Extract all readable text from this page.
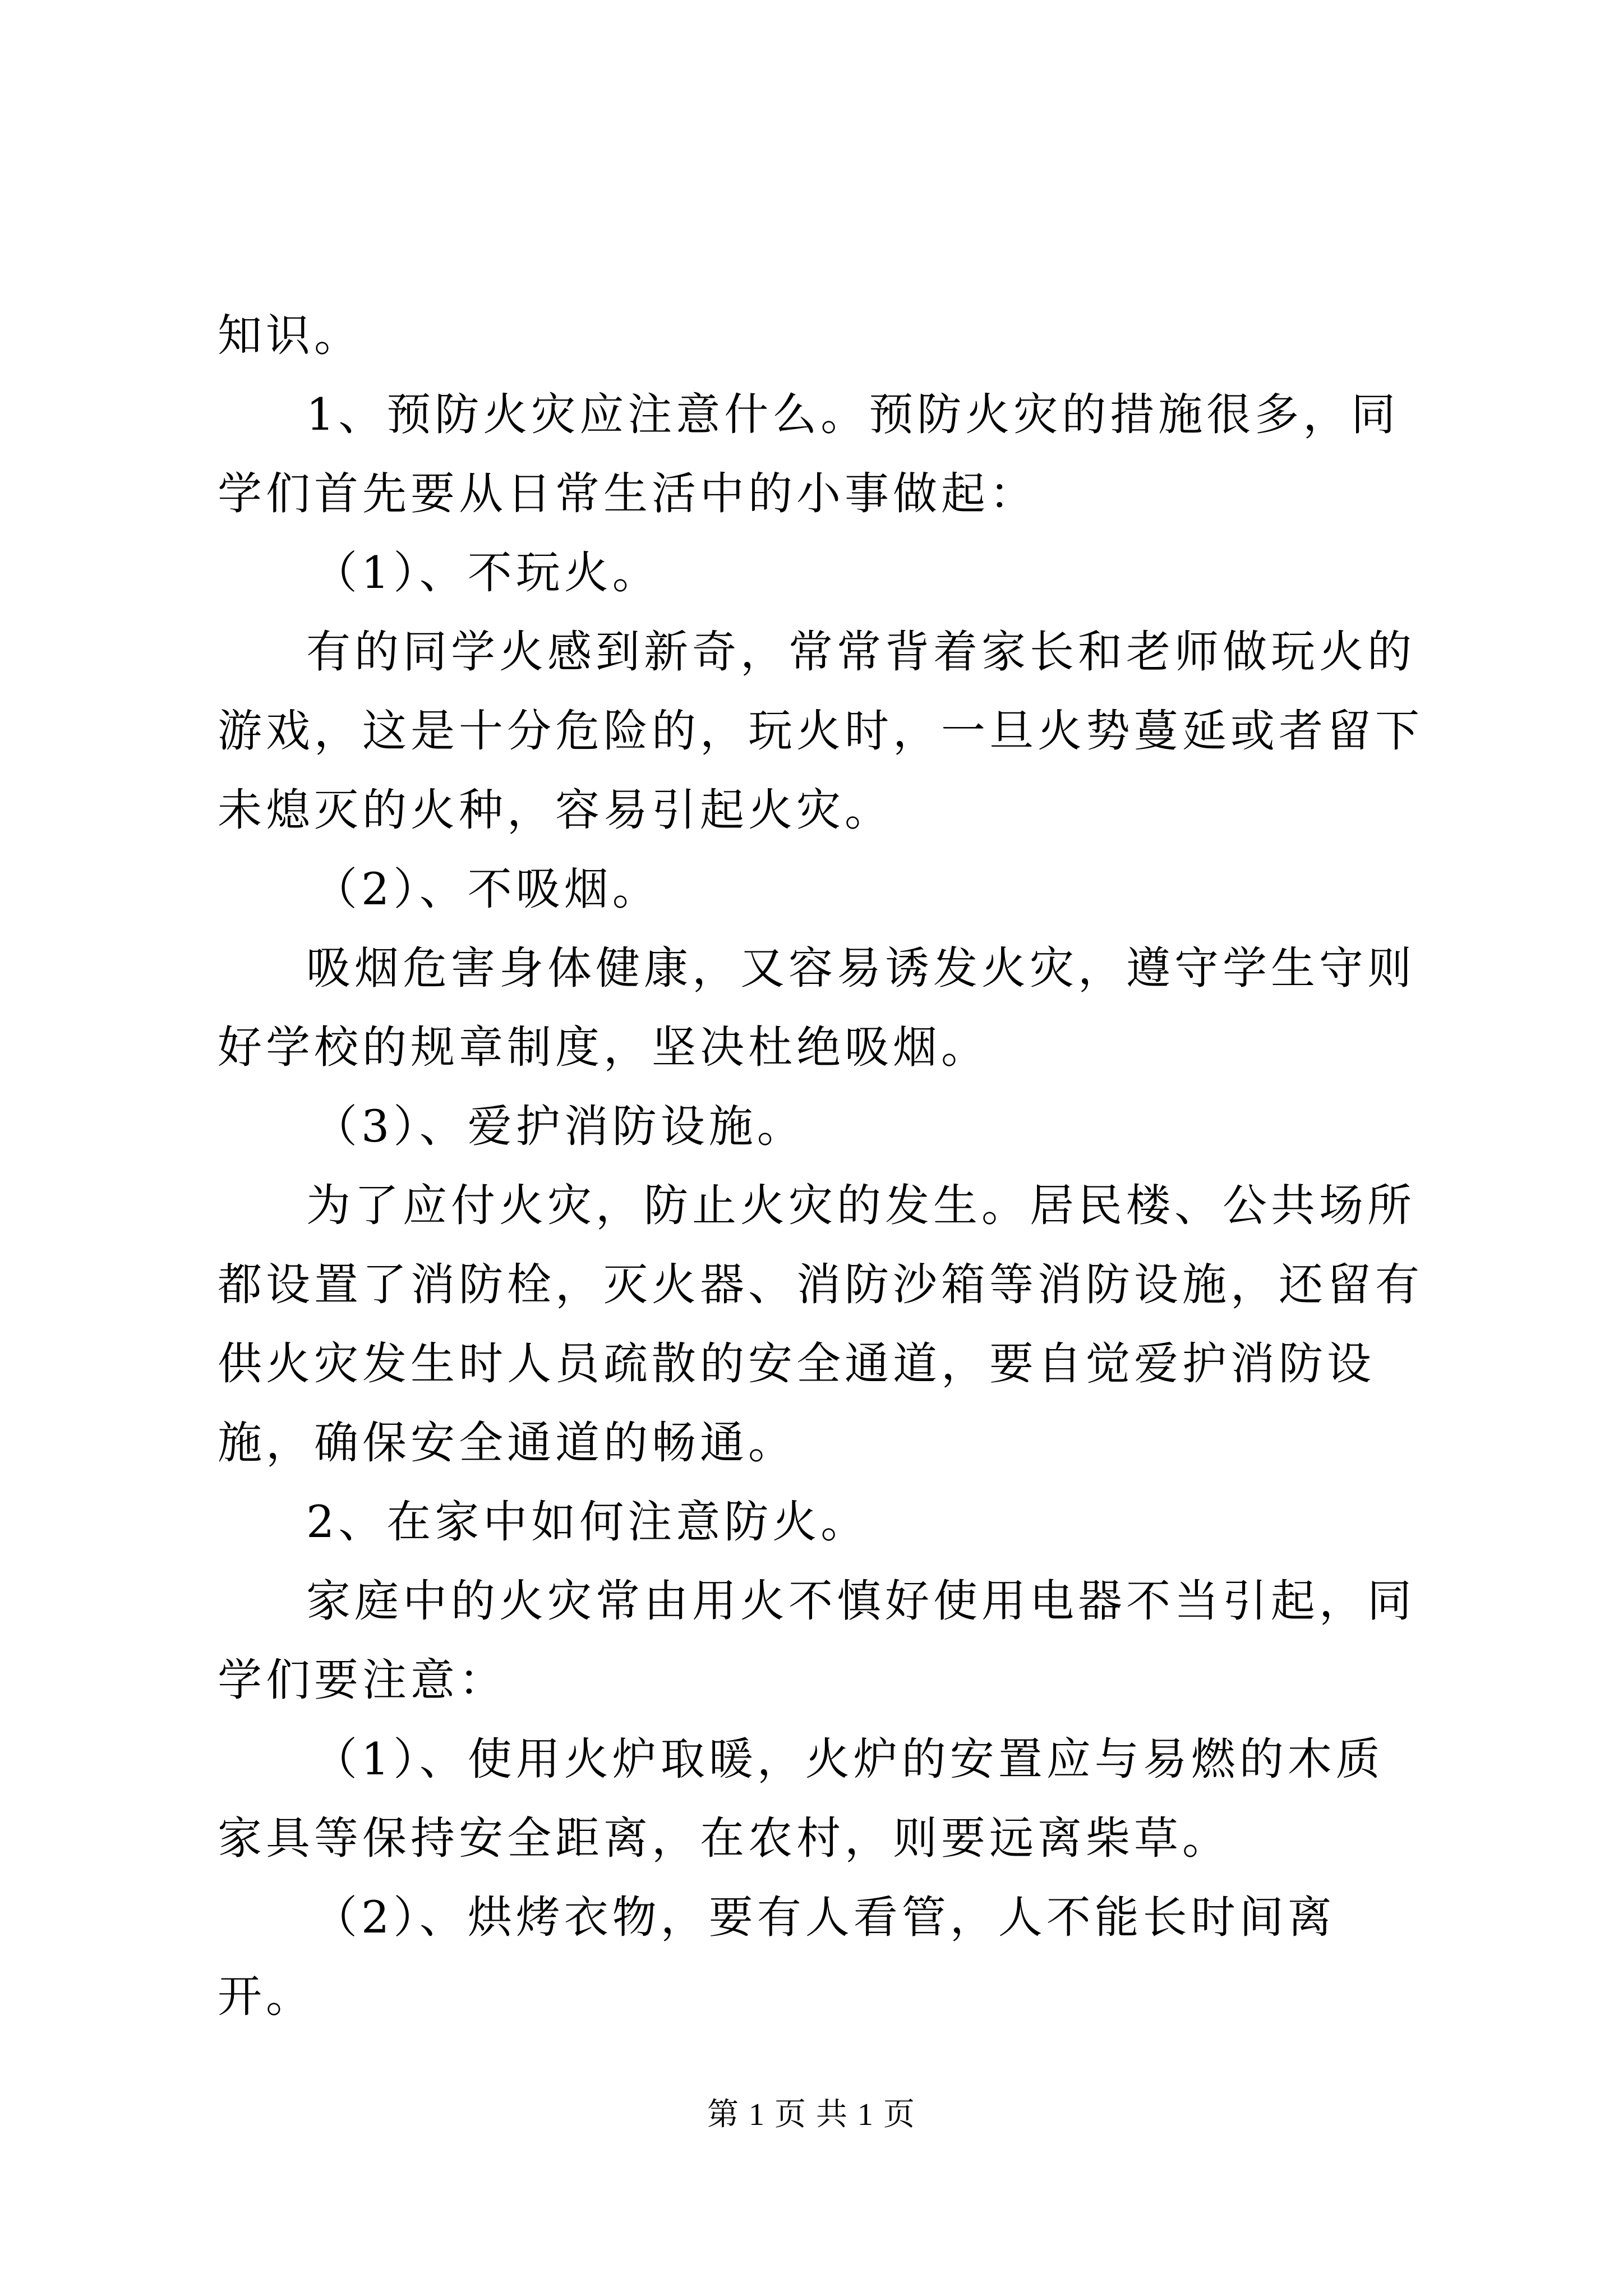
知识。

1、预防火灾应注意什么。预防火灾的措施很多，同学们首先要从日常生活中的小事做起：

（1）、不玩火。

有的同学火感到新奇，常常背着家长和老师做玩火的游戏，这是十分危险的，玩火时，一旦火势蔓延或者留下未熄灭的火种，容易引起火灾。

（2）、不吸烟。

吸烟危害身体健康，又容易诱发火灾，遵守学生守则好学校的规章制度，坚决杜绝吸烟。

（3）、爱护消防设施。

为了应付火灾，防止火灾的发生。居民楼、公共场所都设置了消防栓，灭火器、消防沙箱等消防设施，还留有供火灾发生时人员疏散的安全通道，要自觉爱护消防设施，确保安全通道的畅通。

2、在家中如何注意防火。

家庭中的火灾常由用火不慎好使用电器不当引起，同学们要注意：

（1）、使用火炉取暖，火炉的安置应与易燃的木质家具等保持安全距离，在农村，则要远离柴草。

（2）、烘烤衣物，要有人看管，人不能长时间离开。

第 1 页 共 1 页
